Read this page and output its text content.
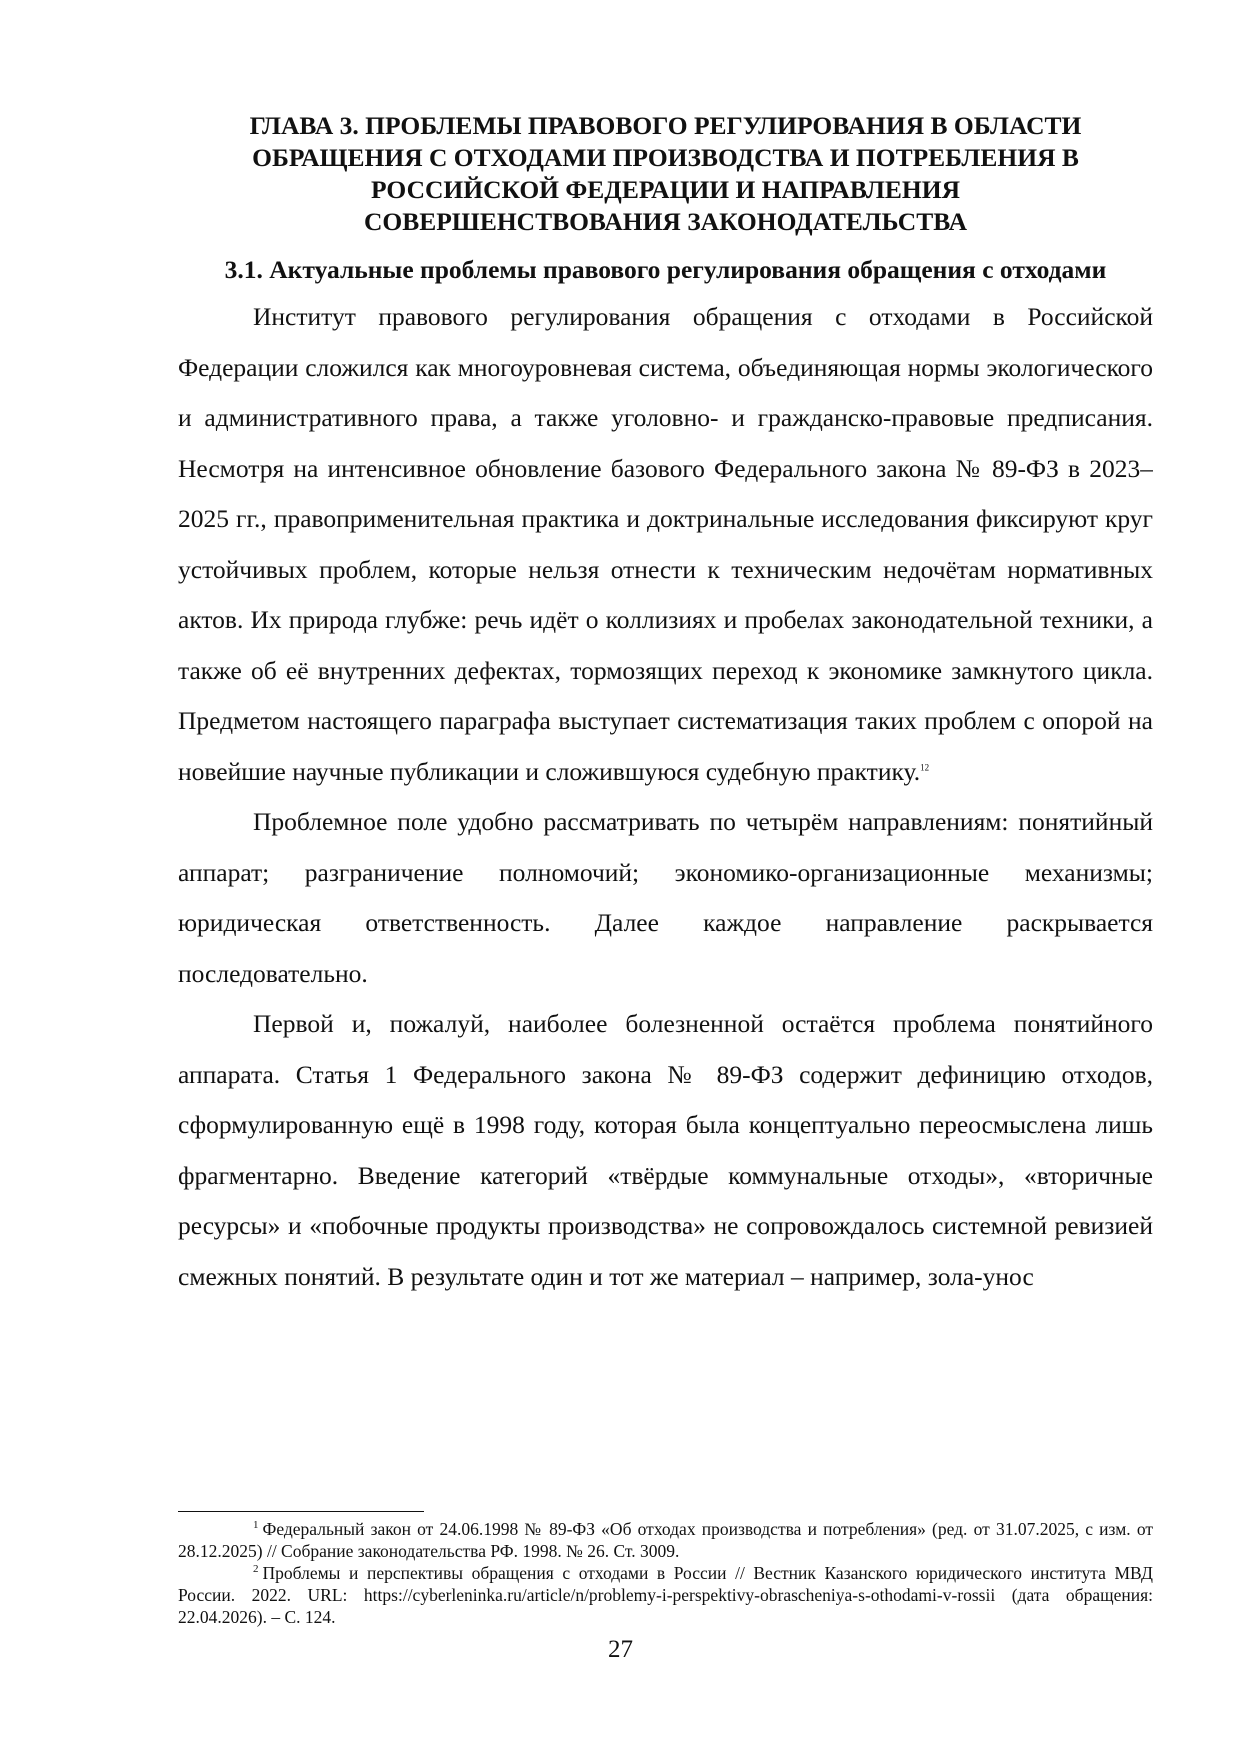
ГЛАВА 3. ПРОБЛЕМЫ ПРАВОВОГО РЕГУЛИРОВАНИЯ В ОБЛАСТИ
ОБРАЩЕНИЯ С ОТХОДАМИ ПРОИЗВОДСТВА И ПОТРЕБЛЕНИЯ В
РОССИЙСКОЙ ФЕДЕРАЦИИ И НАПРАВЛЕНИЯ
СОВЕРШЕНСТВОВАНИЯ ЗАКОНОДАТЕЛЬСТВА
3.1. Актуальные проблемы правового регулирования обращения с отходами

Институт правового регулирования обращения с отходами в Российской Федерации сложился как многоуровневая система, объединяющая нормы экологического и административного права, а также уголовно- и гражданско-правовые предписания. Несмотря на интенсивное обновление базового Федерального закона № 89-ФЗ в 2023–2025 гг., правоприменительная практика и доктринальные исследования фиксируют круг устойчивых проблем, которые нельзя отнести к техническим недочётам нормативных актов. Их природа глубже: речь идёт о коллизиях и пробелах законодательной техники, а также об её внутренних дефектах, тормозящих переход к экономике замкнутого цикла. Предметом настоящего параграфа выступает систематизация таких проблем с опорой на новейшие научные публикации и сложившуюся судебную практику.$^{12}$

Проблемное поле удобно рассматривать по четырём направлениям: понятийный аппарат; разграничение полномочий; экономико-организационные механизмы; юридическая ответственность. Далее каждое направление раскрывается последовательно.

Первой и, пожалуй, наиболее болезненной остаётся проблема понятийного аппарата. Статья 1 Федерального закона № 89-ФЗ содержит дефиницию отходов, сформулированную ещё в 1998 году, которая была концептуально переосмыслена лишь фрагментарно. Введение категорий «твёрдые коммунальные отходы», «вторичные ресурсы» и «побочные продукты производства» не сопровождалось системной ревизией смежных понятий. В результате один и тот же материал – например, зола-унос

$^1$ Федеральный закон от 24.06.1998 № 89-ФЗ «Об отходах производства и потребления» (ред. от 31.07.2025, с изм. от 28.12.2025) // Собрание законодательства РФ. 1998. № 26. Ст. 3009.

$^2$ Проблемы и перспективы обращения с отходами в России // Вестник Казанского юридического института МВД России. 2022. URL: https://cyberleninka.ru/article/n/problemy-i-perspektivy-obrascheniya-s-othodami-v-rossii (дата обращения: 22.04.2026). – С. 124.

27
